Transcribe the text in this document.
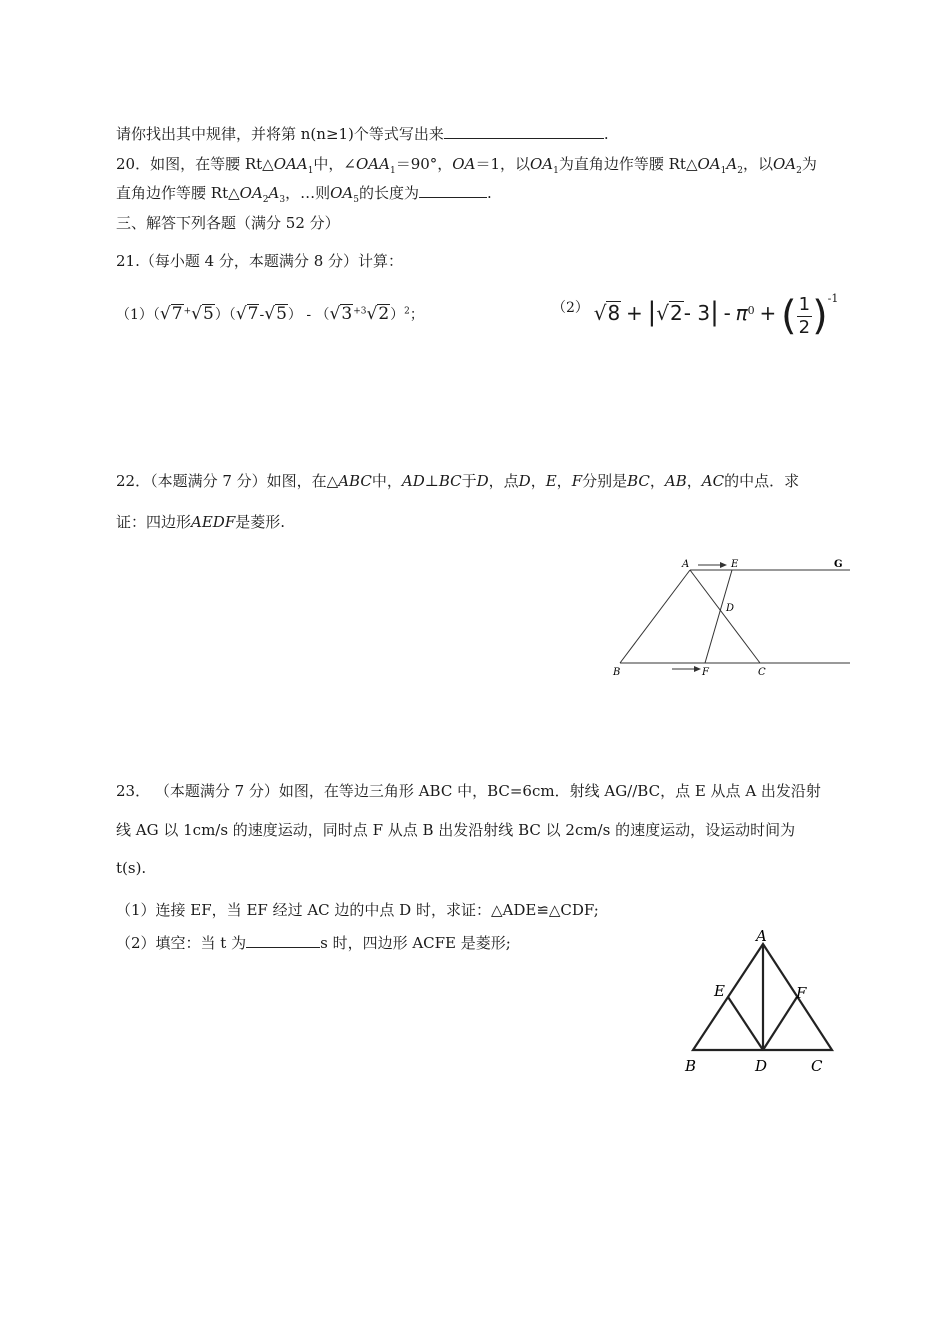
请你找出其中规律，并将第 n(n≥1)个等式写出来	.
20．如图，在等腰 $Rt\triangle OAA_1$中，$\angle OAA_1=90^\circ$，OA＝1，以$OA_1$为直角边作等腰 $Rt\triangle OA_1A_2$，以$OA_2$为
直角边作等腰 $Rt\triangle OA_2A_3$，…则$OA_5$的长度为	.
三、解答下列各题（满分 52 分）
21.（每小题 4 分，本题满分 8 分）计算：
$(1)(√7^+√5)(√7-√5) - (√3^{+3}√2)^2$；	（2） √8 + |√2- $3| - \pi^0$ + ( $\frac{1}{2} )^{-1}$
22．（本题满分 7 分）如图，在△ABC中，AD⊥BC于D，点D，E，F分别是BC，AB，AC的中点．求
证：四边形AEDF是菱形.
A	E	G
D
B	F	C
23． （本题满分 7 分）如图，在等边三角形 ABC 中，BC=6cm．射线 AG//BC，点 E 从点 A 出发沿射
线 AG 以 1cm/s 的速度运动，同时点 F 从点 B 出发沿射线 BC 以 2cm/s 的速度运动，设运动时间为
t(s).
（1）连接 EF，当 EF 经过 AC 边的中点 D 时，求证：△ADE≌△CDF;
（2）填空：当 t 为	s 时，四边形 ACFE 是菱形;	A
E	F
B	D	C
